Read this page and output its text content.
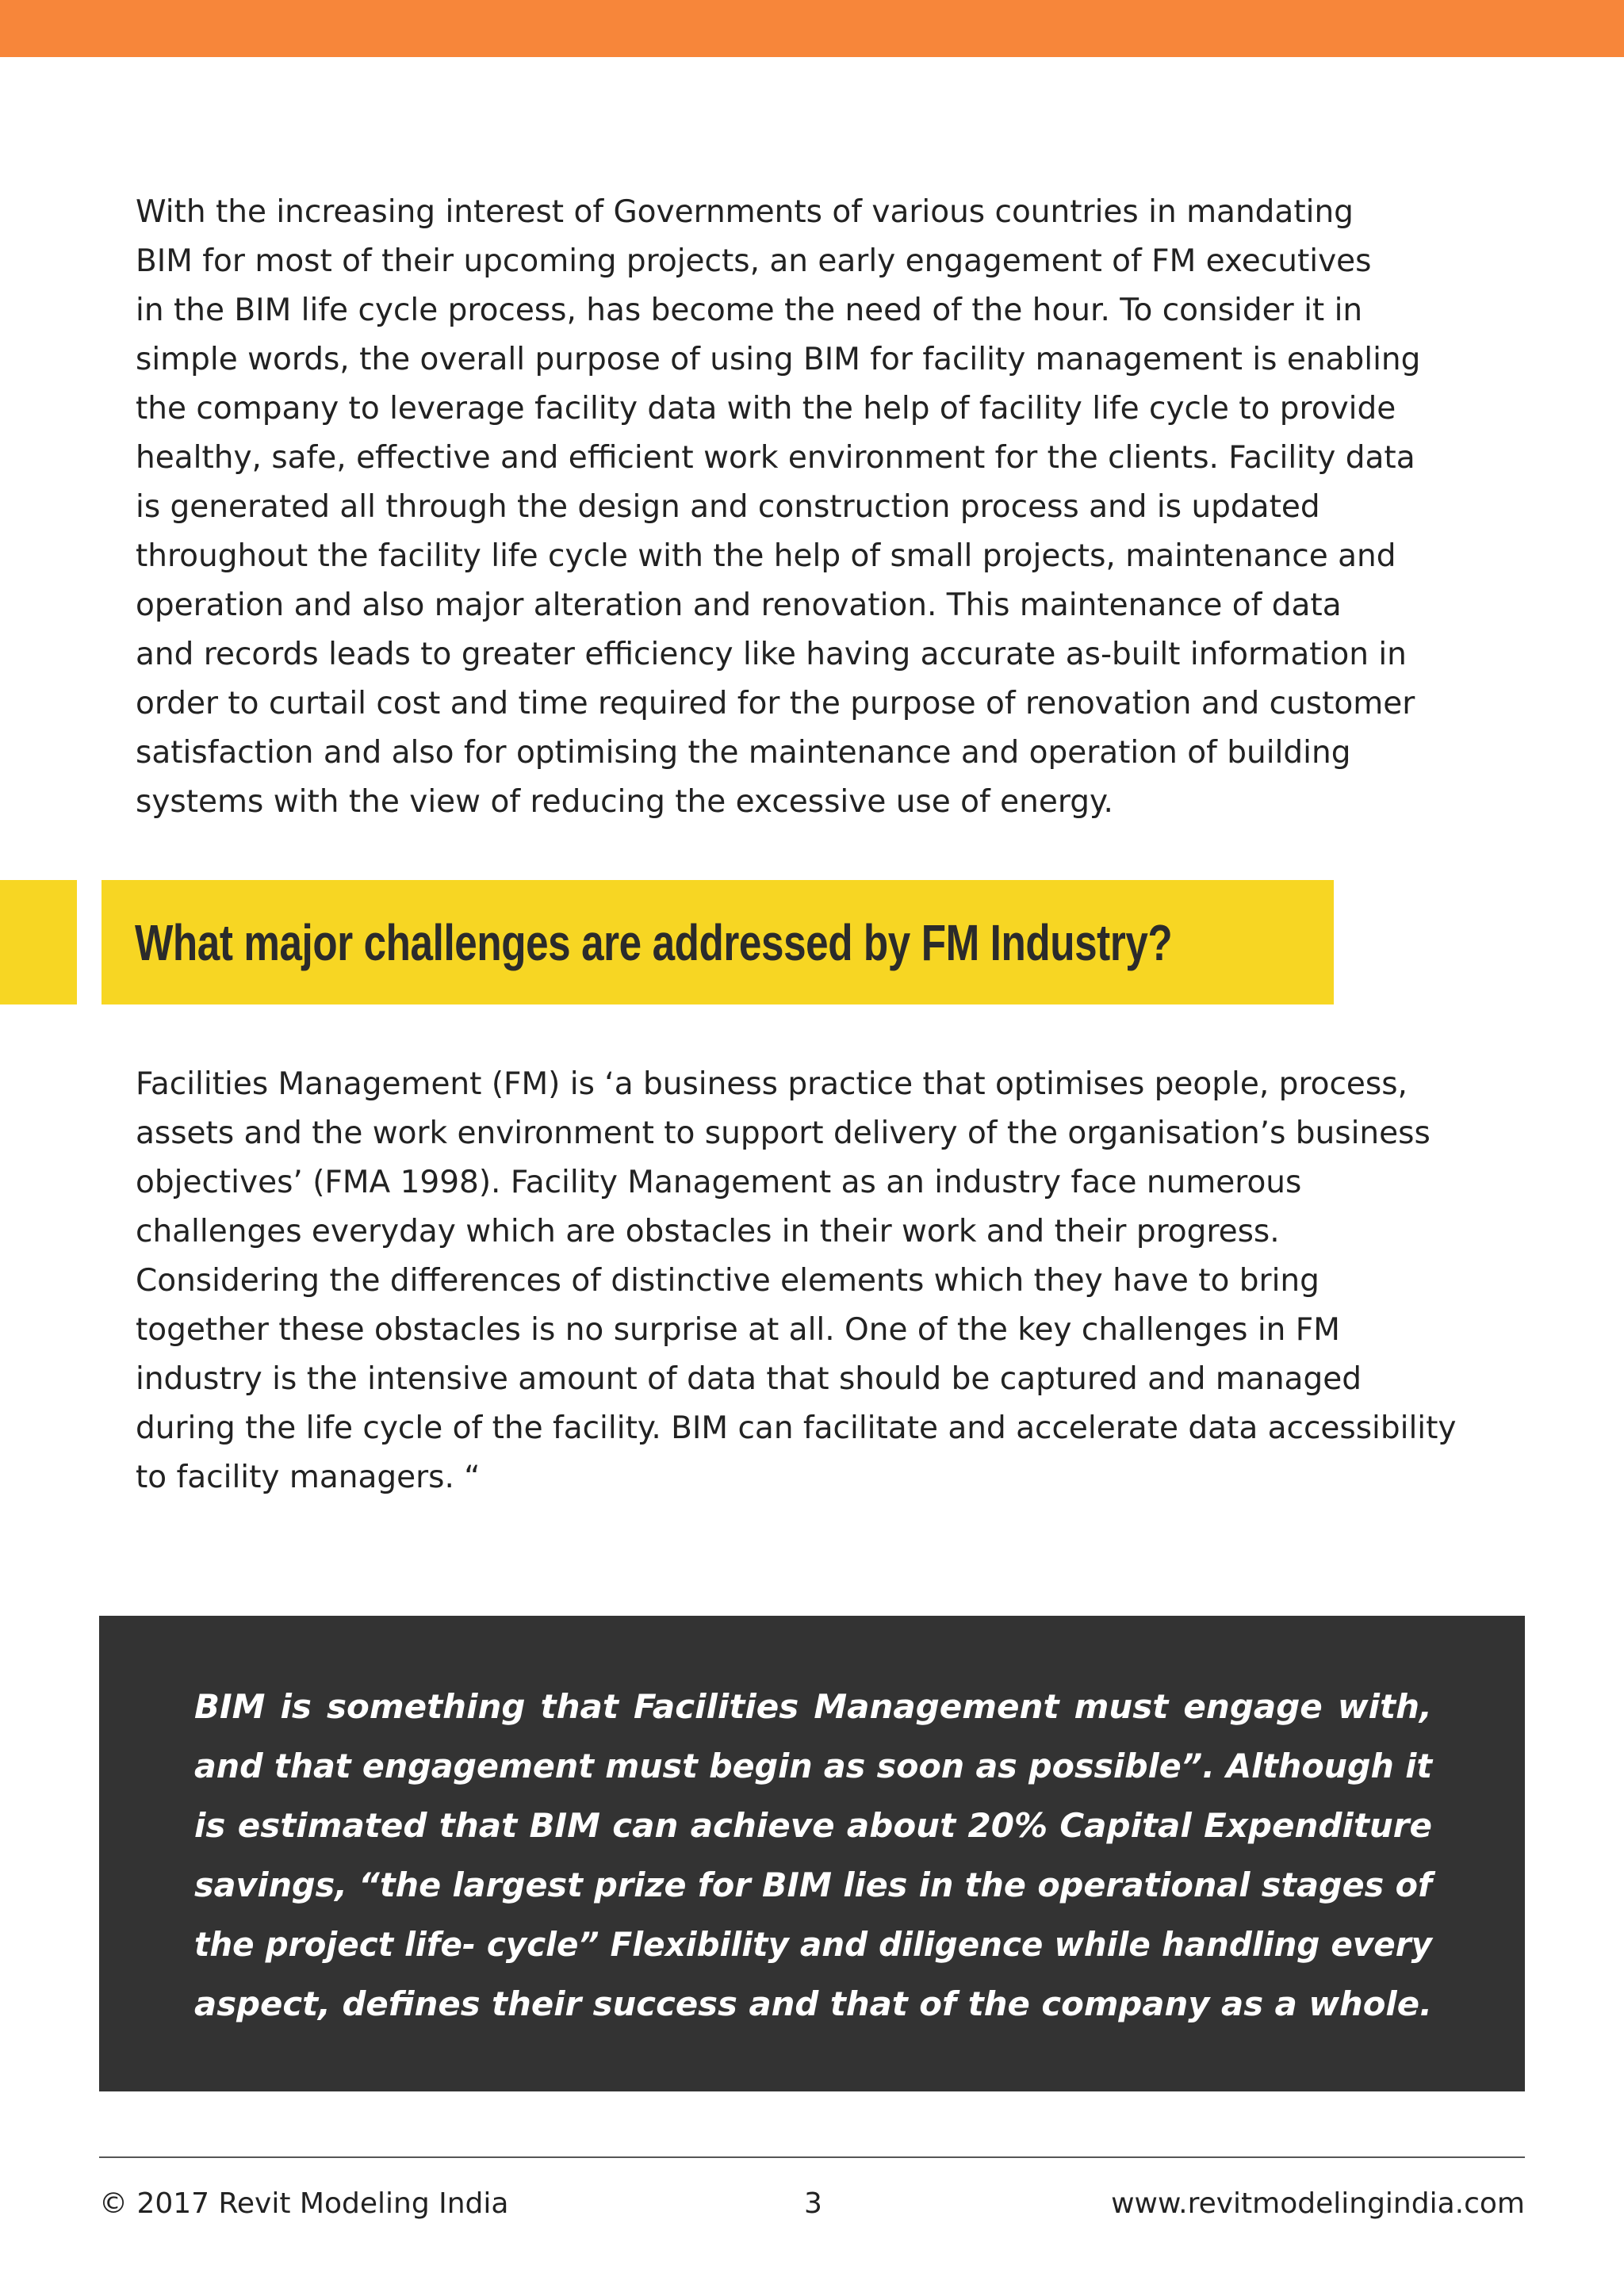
With the increasing interest of Governments of various countries in mandating
BIM for most of their upcoming projects, an early engagement of FM executives
in the BIM life cycle process, has become the need of the hour. To consider it in
simple words, the overall purpose of using BIM for facility management is enabling
the company to leverage facility data with the help of facility life cycle to provide
healthy, safe, effective and efficient work environment for the clients. Facility data
is generated all through the design and construction process and is updated
throughout the facility life cycle with the help of small projects, maintenance and
operation and also major alteration and renovation. This maintenance of data
and records leads to greater efficiency like having accurate as-built information in
order to curtail cost and time required for the purpose of renovation and customer
satisfaction and also for optimising the maintenance and operation of building
systems with the view of reducing the excessive use of energy.

What major challenges are addressed by FM Industry?

Facilities Management (FM) is ‘a business practice that optimises people, process,
assets and the work environment to support delivery of the organisation’s business
objectives’ (FMA 1998). Facility Management as an industry face numerous
challenges everyday which are obstacles in their work and their progress.
Considering the differences of distinctive elements which they have to bring
together these obstacles is no surprise at all. One of the key challenges in FM
industry is the intensive amount of data that should be captured and managed
during the life cycle of the facility. BIM can facilitate and accelerate data accessibility
to facility managers. “

BIM is something that Facilities Management must engage with,
and that engagement must begin as soon as possible”. Although it
is estimated that BIM can achieve about 20% Capital Expenditure
savings, “the largest prize for BIM lies in the operational stages of
the project life- cycle” Flexibility and diligence while handling every
aspect, defines their success and that of the company as a whole.

© 2017 Revit Modeling India	3	www.revitmodelingindia.com
